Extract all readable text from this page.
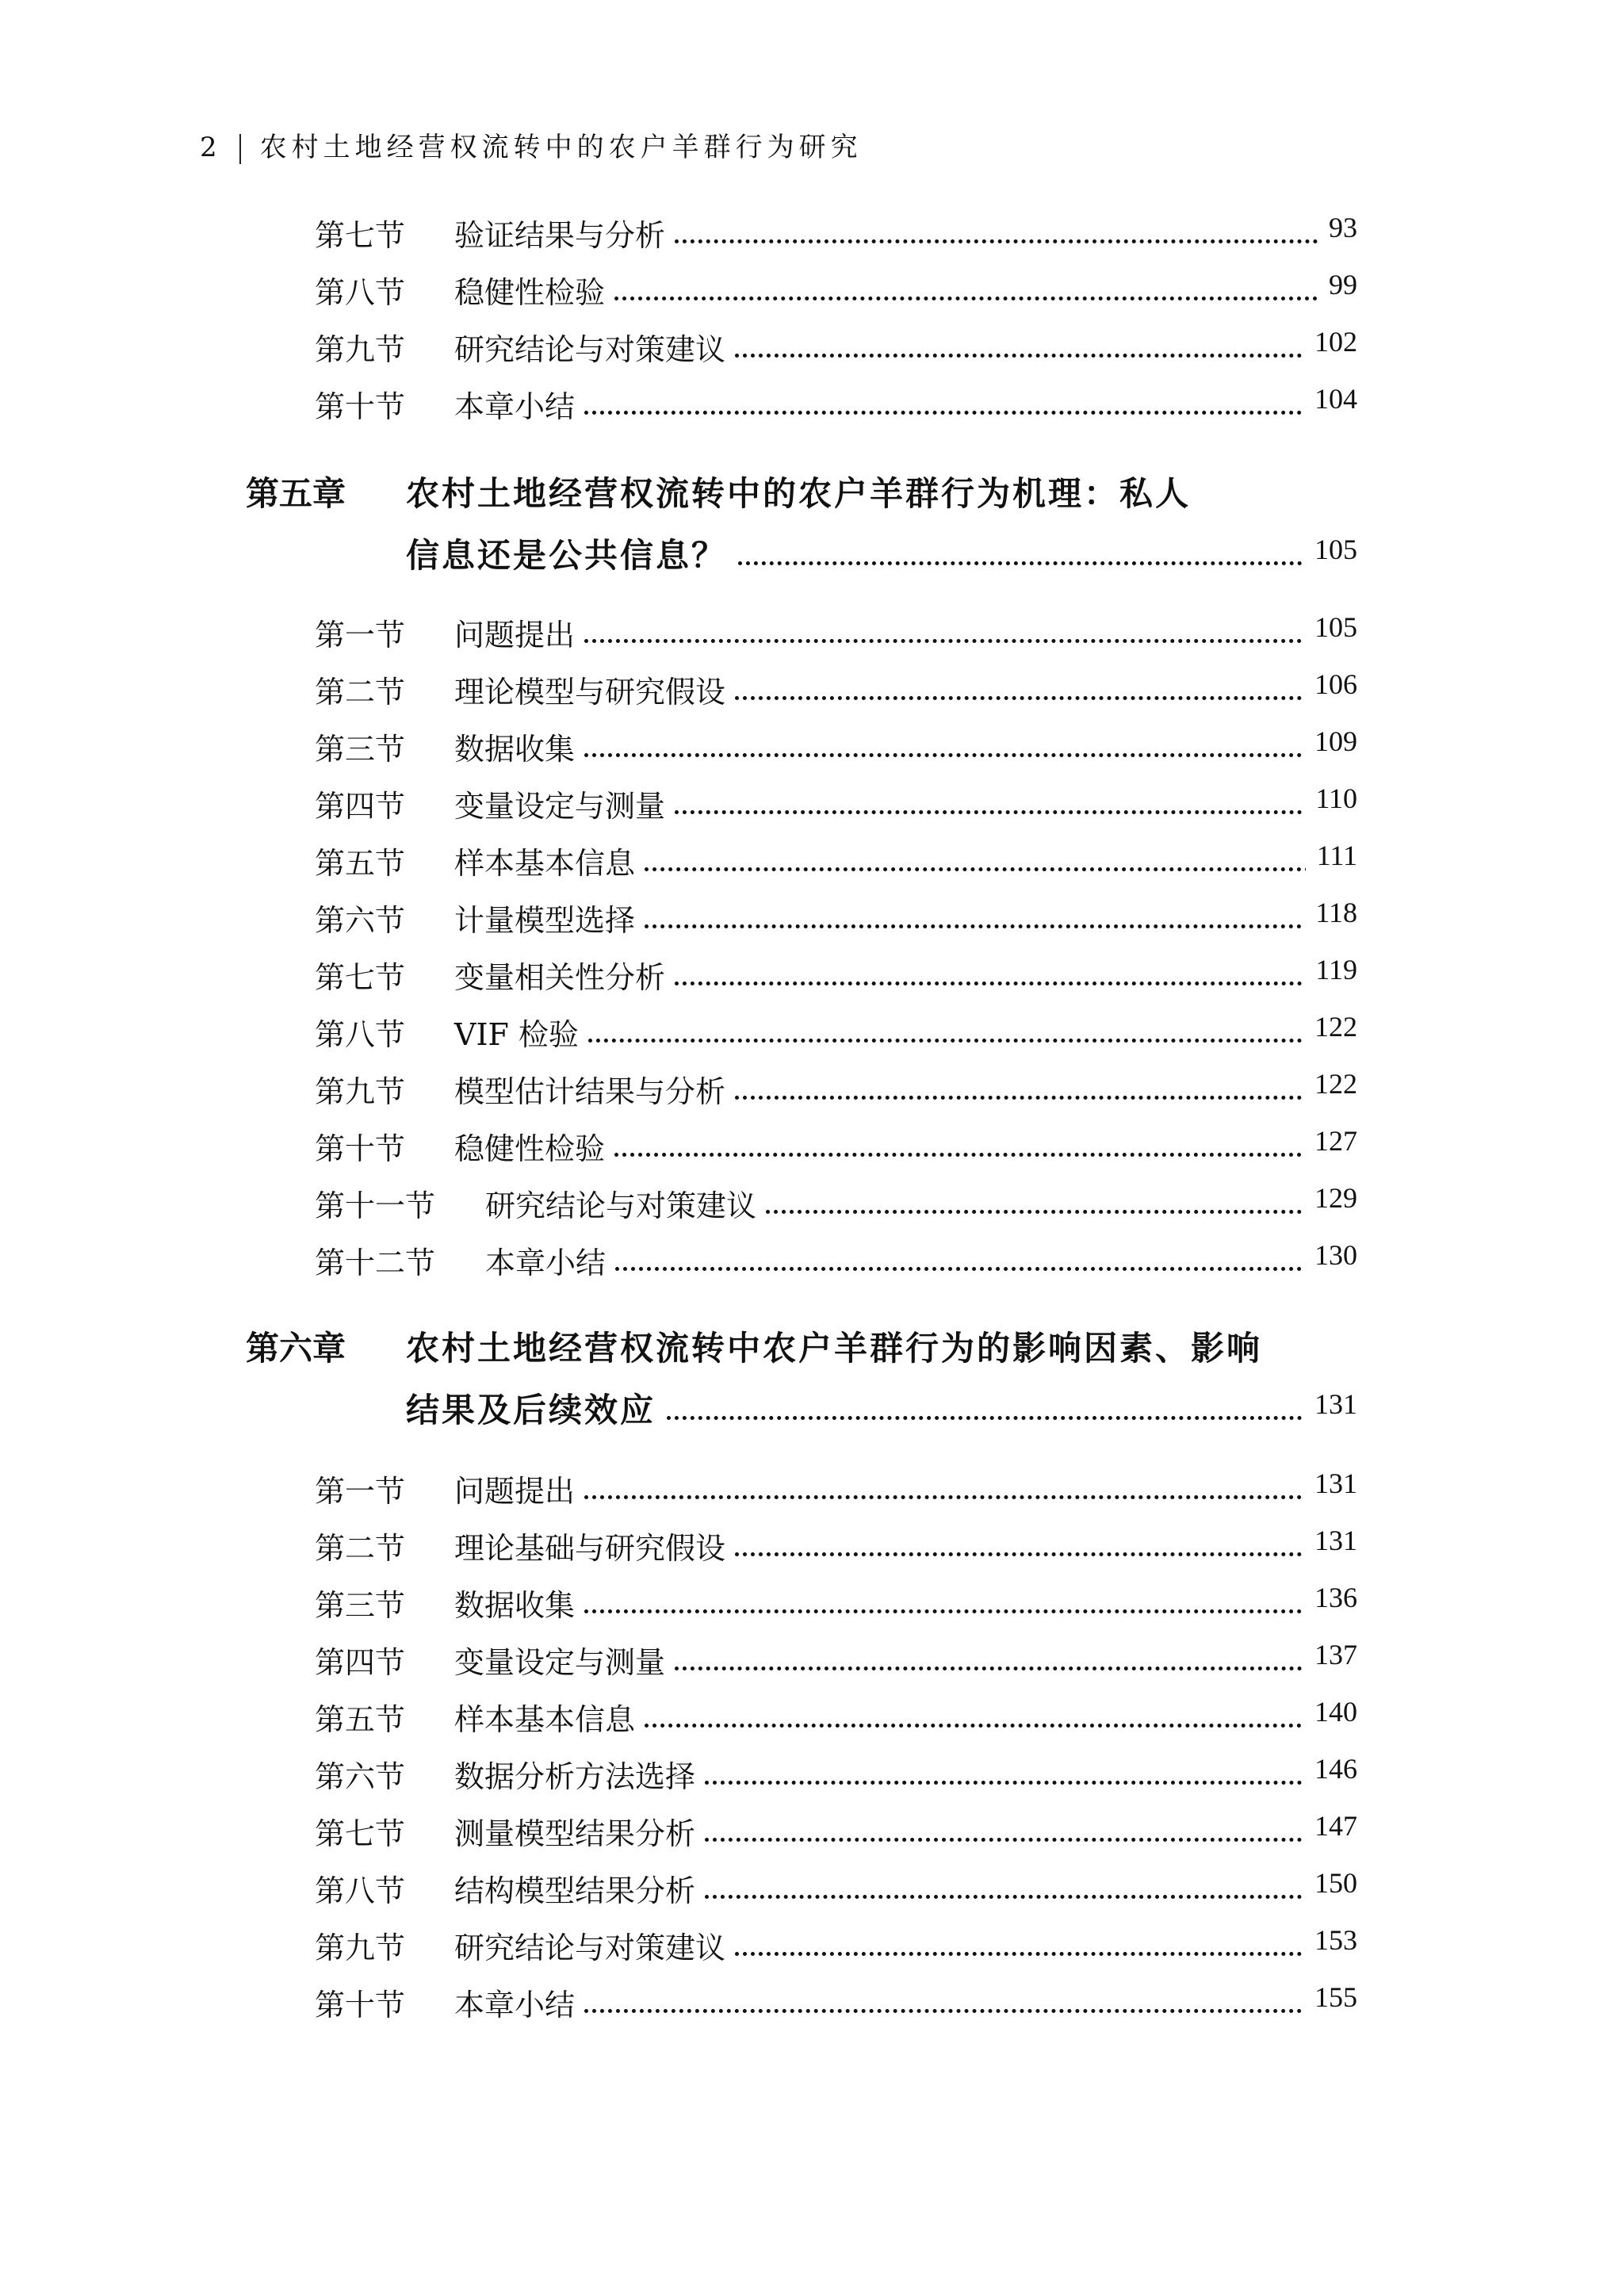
2 农村土地经营权流转中的农户羊群行为研究
第七节 验证结果与分析	93
第八节 稳健性检验	99
第九节 研究结论与对策建议	102
第十节 本章小结	104
第五章 农村土地经营权流转中的农户羊群行为机理：私人
信息还是公共信息？	105
第一节 问题提出	105
第二节 理论模型与研究假设	106
第三节 数据收集	109
第四节 变量设定与测量	110
第五节 样本基本信息	111
第六节 计量模型选择	118
第七节 变量相关性分析	119
第八节 VIF 检验	122
第九节 模型估计结果与分析	122
第十节 稳健性检验	127
第十一节 研究结论与对策建议	129
第十二节 本章小结	130
第六章 农村土地经营权流转中农户羊群行为的影响因素、影响
结果及后续效应	131
第一节 问题提出	131
第二节 理论基础与研究假设	131
第三节 数据收集	136
第四节 变量设定与测量	137
第五节 样本基本信息	140
第六节 数据分析方法选择	146
第七节 测量模型结果分析	147
第八节 结构模型结果分析	150
第九节 研究结论与对策建议	153
第十节 本章小结	155
